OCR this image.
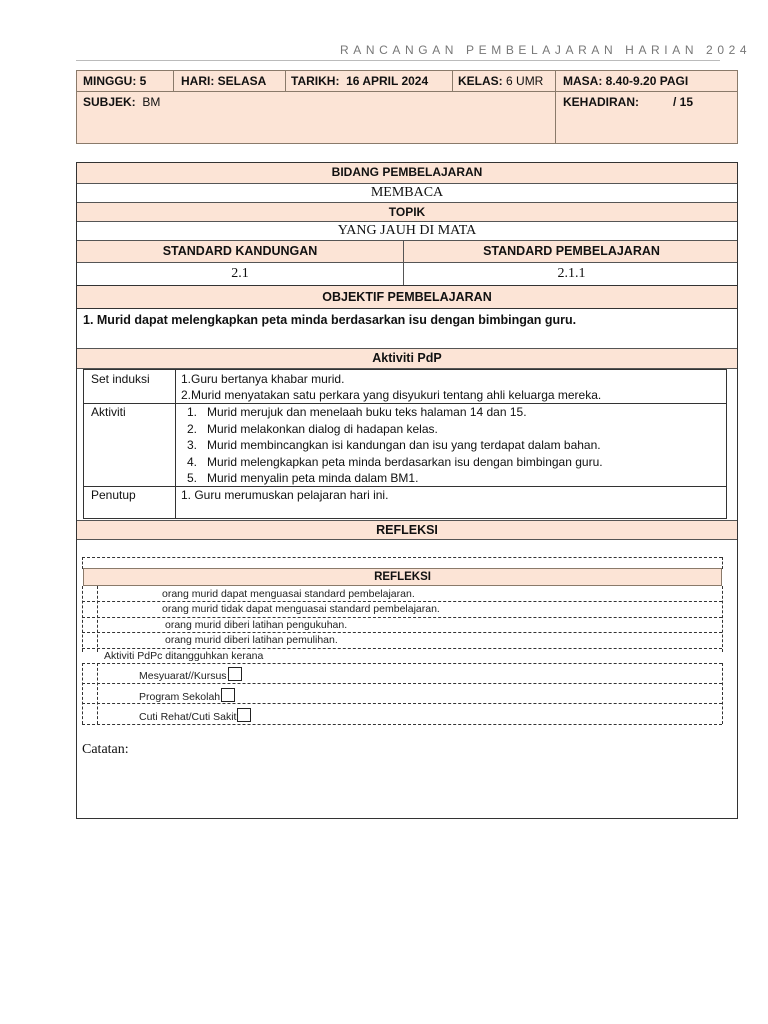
RANCANGAN PEMBELAJARAN HARIAN 2024
MINGGU: 5	HARI: SELASA TARIKH: 16 APRIL 2024 KELAS: 6 UMR MASA: 8.40-9.20 PAGI
SUBJEK: BM	KEHADIRAN:	/ 15
BIDANG PEMBELAJARAN
MEMBACA
TOPIK
YANG JAUH DI MATA
STANDARD KANDUNGAN	STANDARD PEMBELAJARAN
2.1	2.1.1
OBJEKTIF PEMBELAJARAN
1. Murid dapat melengkapkan peta minda berdasarkan isu dengan bimbingan guru.
Aktiviti PdP
Set induksi	1.Guru bertanya khabar murid.
2.Murid menyatakan satu perkara yang disyukuri tentang ahli keluarga mereka.
Aktiviti	1.   Murid merujuk dan menelaah buku teks halaman 14 dan 15.
2.   Murid melakonkan dialog di hadapan kelas.
3.   Murid membincangkan isi kandungan dan isu yang terdapat dalam bahan.
4.   Murid melengkapkan peta minda berdasarkan isu dengan bimbingan guru.
5.   Murid menyalin peta minda dalam BM1.
Penutup	1. Guru merumuskan pelajaran hari ini.
REFLEKSI
REFLEKSI
orang murid dapat menguasai standard pembelajaran.
orang murid tidak dapat menguasai standard pembelajaran.
orang murid diberi latihan pengukuhan.
orang murid diberi latihan pemulihan.
Aktiviti PdPc ditangguhkan kerana
Mesyuarat//Kursus
Program Sekolah
Cuti Rehat/Cuti Sakit
Catatan:
